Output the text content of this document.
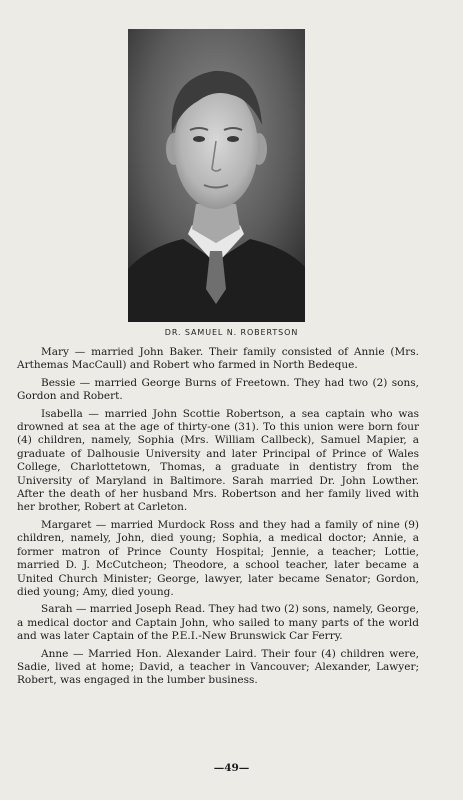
DR. SAMUEL N. ROBERTSON

Mary — married John Baker. Their family consisted of Annie (Mrs. Arthemas MacCaull) and Robert who farmed in North Bedeque.

Bessie — married George Burns of Freetown. They had two (2) sons, Gordon and Robert.

Isabella — married John Scottie Robertson, a sea captain who was drowned at sea at the age of thirty-one (31). To this union were born four (4) children, namely, Sophia (Mrs. William Callbeck), Samuel Mapier, a graduate of Dalhousie University and later Principal of Prince of Wales College, Charlottetown, Thomas, a graduate in dentistry from the University of Maryland in Baltimore. Sarah married Dr. John Lowther. After the death of her husband Mrs. Robertson and her family lived with her brother, Robert at Carleton.

Margaret — married Murdock Ross and they had a family of nine (9) children, namely, John, died young; Sophia, a medical doctor; Annie, a former matron of Prince County Hospital; Jennie, a teacher; Lottie, married D. J. McCutcheon; Theodore, a school teacher, later became a United Church Minister; George, lawyer, later became Senator; Gordon, died young; Amy, died young.

Sarah — married Joseph Read. They had two (2) sons, namely, George, a medical doctor and Captain John, who sailed to many parts of the world and was later Captain of the P.E.I.-New Brunswick Car Ferry.

Anne — Married Hon. Alexander Laird. Their four (4) children were, Sadie, lived at home; David, a teacher in Vancouver; Alexander, Lawyer; Robert, was engaged in the lumber business.

—49—
